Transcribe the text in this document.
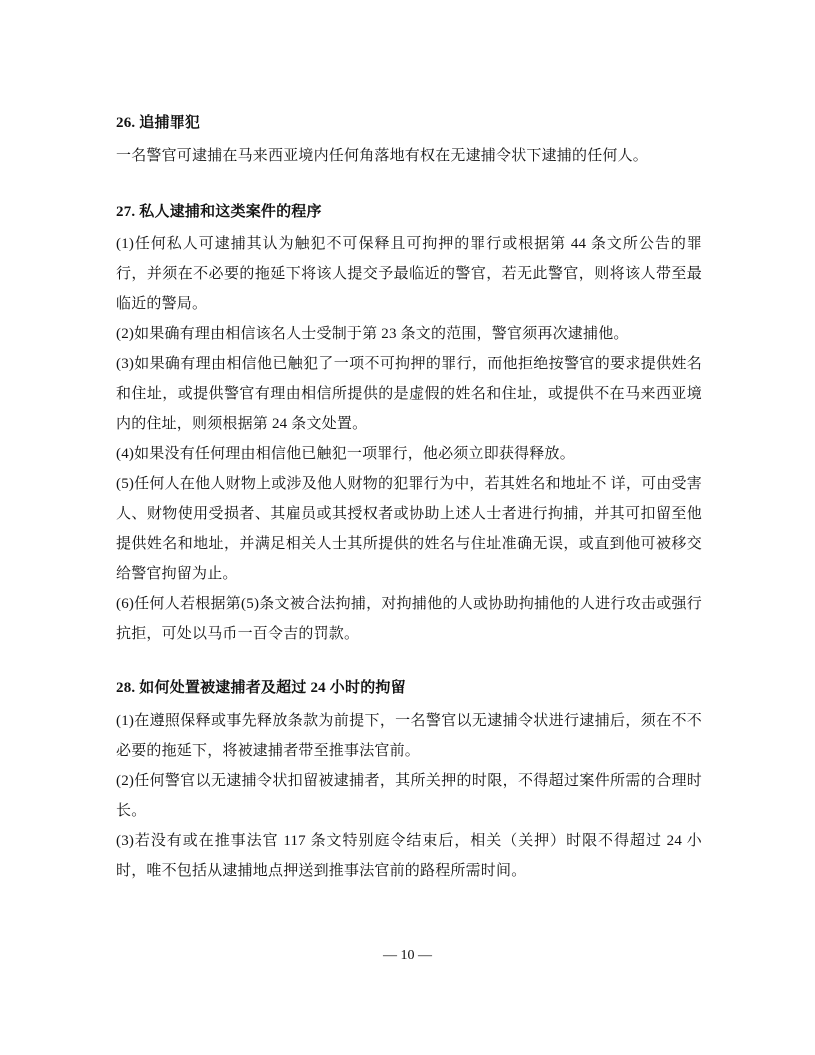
26. 追捕罪犯

一名警官可逮捕在马来西亚境内任何角落地有权在无逮捕令状下逮捕的任何人。

27. 私人逮捕和这类案件的程序

(1)任何私人可逮捕其认为触犯不可保释且可拘押的罪行或根据第 44 条文所公告的罪行，并须在不必要的拖延下将该人提交予最临近的警官，若无此警官，则将该人带至最临近的警局。

(2)如果确有理由相信该名人士受制于第 23 条文的范围，警官须再次逮捕他。

(3)如果确有理由相信他已触犯了一项不可拘押的罪行，而他拒绝按警官的要求提供姓名和住址，或提供警官有理由相信所提供的是虚假的姓名和住址，或提供不在马来西亚境内的住址，则须根据第 24 条文处置。

(4)如果没有任何理由相信他已触犯一项罪行，他必须立即获得释放。

(5)任何人在他人财物上或涉及他人财物的犯罪行为中，若其姓名和地址不 详，可由受害人、财物使用受损者、其雇员或其授权者或协助上述人士者进行拘捕，并其可扣留至他提供姓名和地址，并满足相关人士其所提供的姓名与住址准确无误，或直到他可被移交给警官拘留为止。

(6)任何人若根据第(5)条文被合法拘捕，对拘捕他的人或协助拘捕他的人进行攻击或强行抗拒，可处以马币一百令吉的罚款。

28. 如何处置被逮捕者及超过 24 小时的拘留

(1)在遵照保释或事先释放条款为前提下，一名警官以无逮捕令状进行逮捕后，须在不不必要的拖延下，将被逮捕者带至推事法官前。

(2)任何警官以无逮捕令状扣留被逮捕者，其所关押的时限，不得超过案件所需的合理时长。

(3)若没有或在推事法官 117 条文特别庭令结束后，相关（关押）时限不得超过 24 小时，唯不包括从逮捕地点押送到推事法官前的路程所需时间。

— 10 —
